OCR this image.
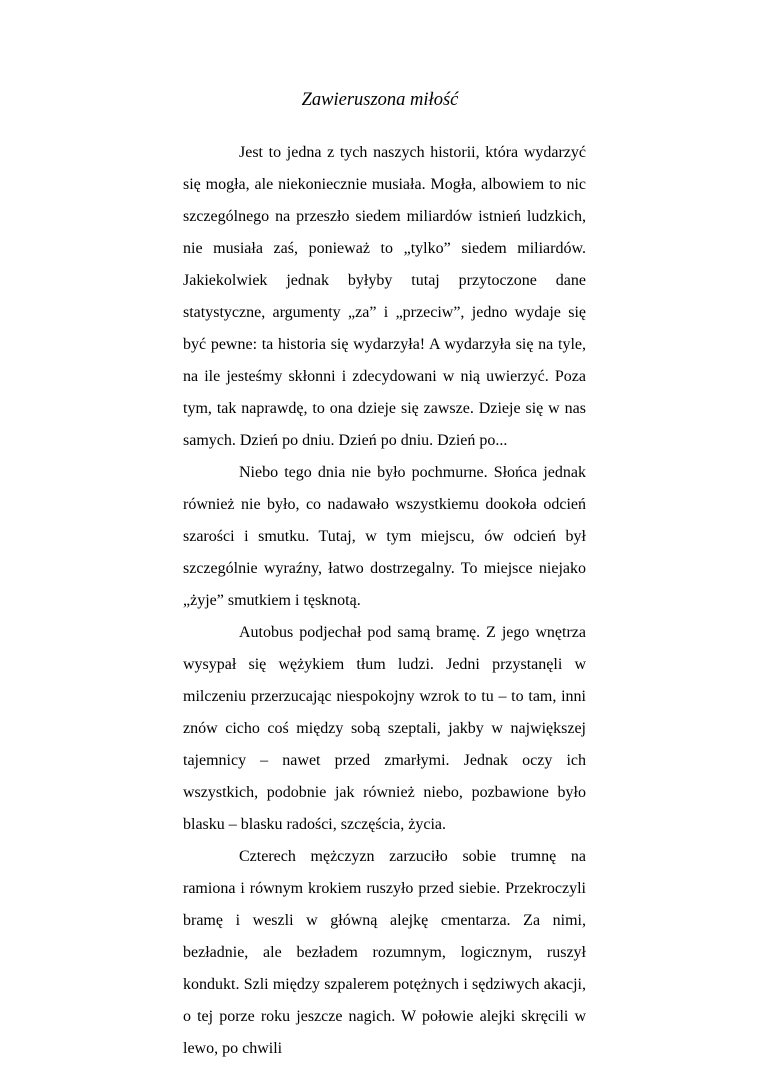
Zawieruszona miłość

Jest to jedna z tych naszych historii, która wydarzyć się mogła, ale niekoniecznie musiała. Mogła, albowiem to nic szczególnego na przeszło siedem miliardów istnień ludzkich, nie musiała zaś, ponieważ to „tylko” siedem miliardów. Jakiekolwiek jednak byłyby tutaj przytoczone dane statystyczne, argumenty „za” i „przeciw”, jedno wydaje się być pewne: ta historia się wydarzyła! A wydarzyła się na tyle, na ile jesteśmy skłonni i zdecydowani w nią uwierzyć. Poza tym, tak naprawdę, to ona dzieje się zawsze. Dzieje się w nas samych. Dzień po dniu. Dzień po dniu. Dzień po...

Niebo tego dnia nie było pochmurne. Słońca jednak również nie było, co nadawało wszystkiemu dookoła odcień szarości i smutku. Tutaj, w tym miejscu, ów odcień był szczególnie wyraźny, łatwo dostrzegalny. To miejsce niejako „żyje” smutkiem i tęsknotą.

Autobus podjechał pod samą bramę. Z jego wnętrza wysypał się wężykiem tłum ludzi. Jedni przystanęli w milczeniu przerzucając niespokojny wzrok to tu – to tam, inni znów cicho coś między sobą szeptali, jakby w największej tajemnicy – nawet przed zmarłymi. Jednak oczy ich wszystkich, podobnie jak również niebo, pozbawione było blasku – blasku radości, szczęścia, życia.

Czterech mężczyzn zarzuciło sobie trumnę na ramiona i równym krokiem ruszyło przed siebie. Przekroczyli bramę i weszli w główną alejkę cmentarza. Za nimi, bezładnie, ale bezładem rozumnym, logicznym, ruszył kondukt. Szli między szpalerem potężnych i sędziwych akacji, o tej porze roku jeszcze nagich. W połowie alejki skręcili w lewo, po chwili
